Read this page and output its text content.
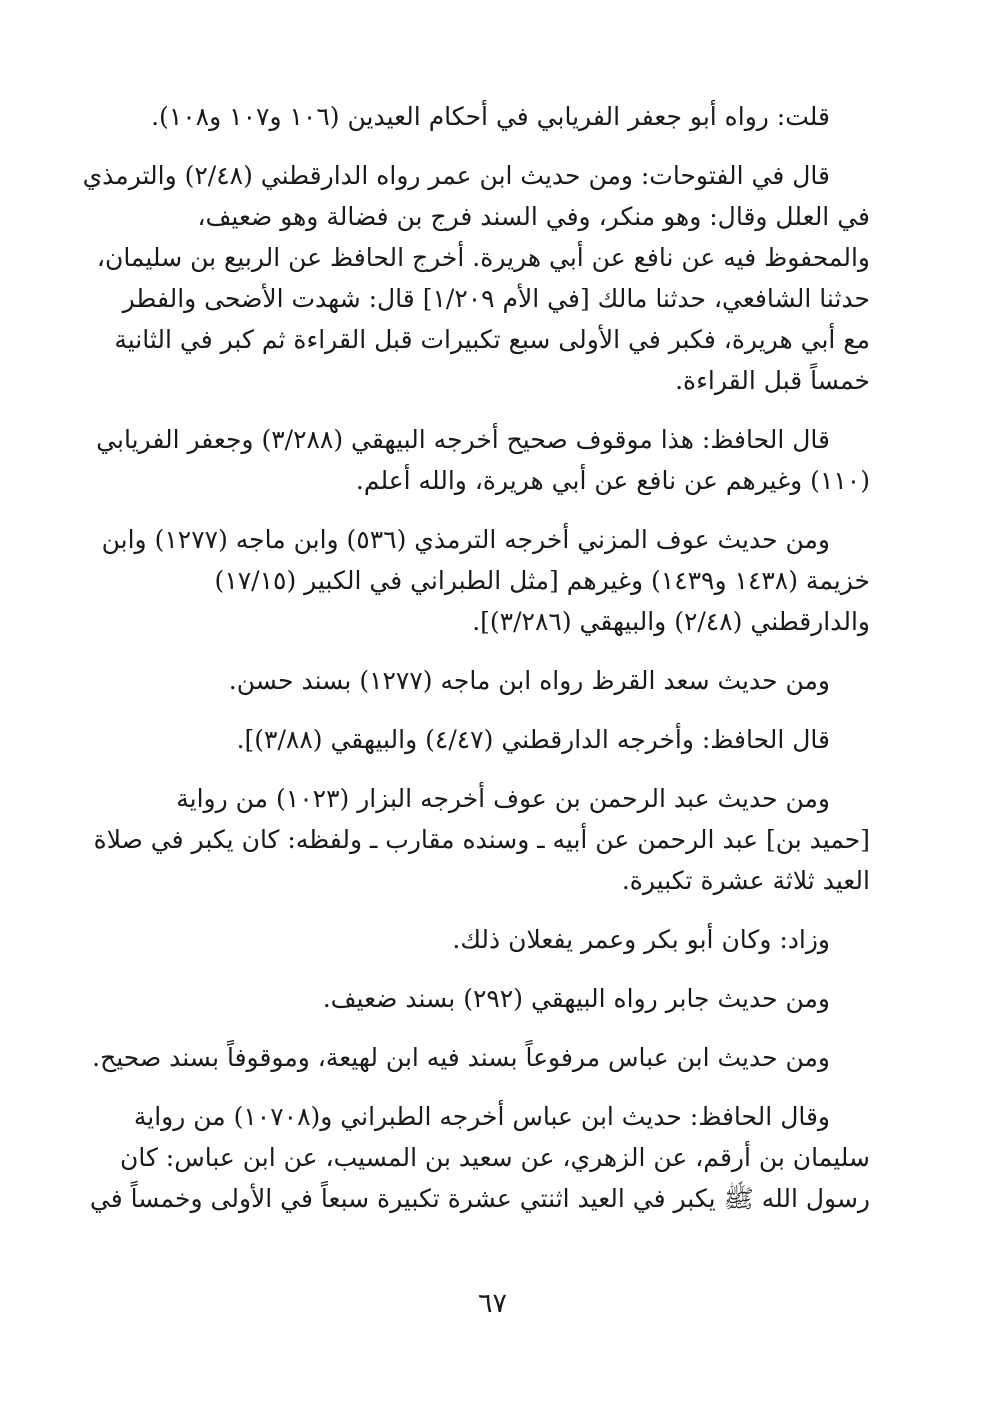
قلت: رواه أبو جعفر الفريابي في أحكام العيدين (١٠٦ و١٠٧ و١٠٨).

قال في الفتوحات: ومن حديث ابن عمر رواه الدارقطني (٢/٤٨) والترمذي
في العلل وقال: وهو منكر، وفي السند فرج بن فضالة وهو ضعيف،
والمحفوظ فيه عن نافع عن أبي هريرة. أخرج الحافظ عن الربيع بن سليمان،
حدثنا الشافعي، حدثنا مالك [في الأم ١/٢٠٩] قال: شهدت الأضحى والفطر
مع أبي هريرة، فكبر في الأولى سبع تكبيرات قبل القراءة ثم كبر في الثانية
خمساً قبل القراءة.

قال الحافظ: هذا موقوف صحيح أخرجه البيهقي (٣/٢٨٨) وجعفر الفريابي
(١١٠) وغيرهم عن نافع عن أبي هريرة، والله أعلم.

ومن حديث عوف المزني أخرجه الترمذي (٥٣٦) وابن ماجه (١٢٧٧) وابن
خزيمة (١٤٣٨ و١٤٣٩) وغيرهم [مثل الطبراني في الكبير (١٧/١٥)
والدارقطني (٢/٤٨) والبيهقي (٣/٢٨٦)].

ومن حديث سعد القرظ رواه ابن ماجه (١٢٧٧) بسند حسن.

قال الحافظ: وأخرجه الدارقطني (٤/٤٧) والبيهقي (٣/٨٨)].

ومن حديث عبد الرحمن بن عوف أخرجه البزار (١٠٢٣) من رواية
[حميد بن] عبد الرحمن عن أبيه ـ وسنده مقارب ـ ولفظه: كان يكبر في صلاة
العيد ثلاثة عشرة تكبيرة.

وزاد: وكان أبو بكر وعمر يفعلان ذلك.

ومن حديث جابر رواه البيهقي (٢٩٢) بسند ضعيف.

ومن حديث ابن عباس مرفوعاً بسند فيه ابن لهيعة، وموقوفاً بسند صحيح.

وقال الحافظ: حديث ابن عباس أخرجه الطبراني و(١٠٧٠٨) من رواية
سليمان بن أرقم، عن الزهري، عن سعيد بن المسيب، عن ابن عباس: كان
رسول الله ﷺ يكبر في العيد اثنتي عشرة تكبيرة سبعاً في الأولى وخمساً في

٦٧
